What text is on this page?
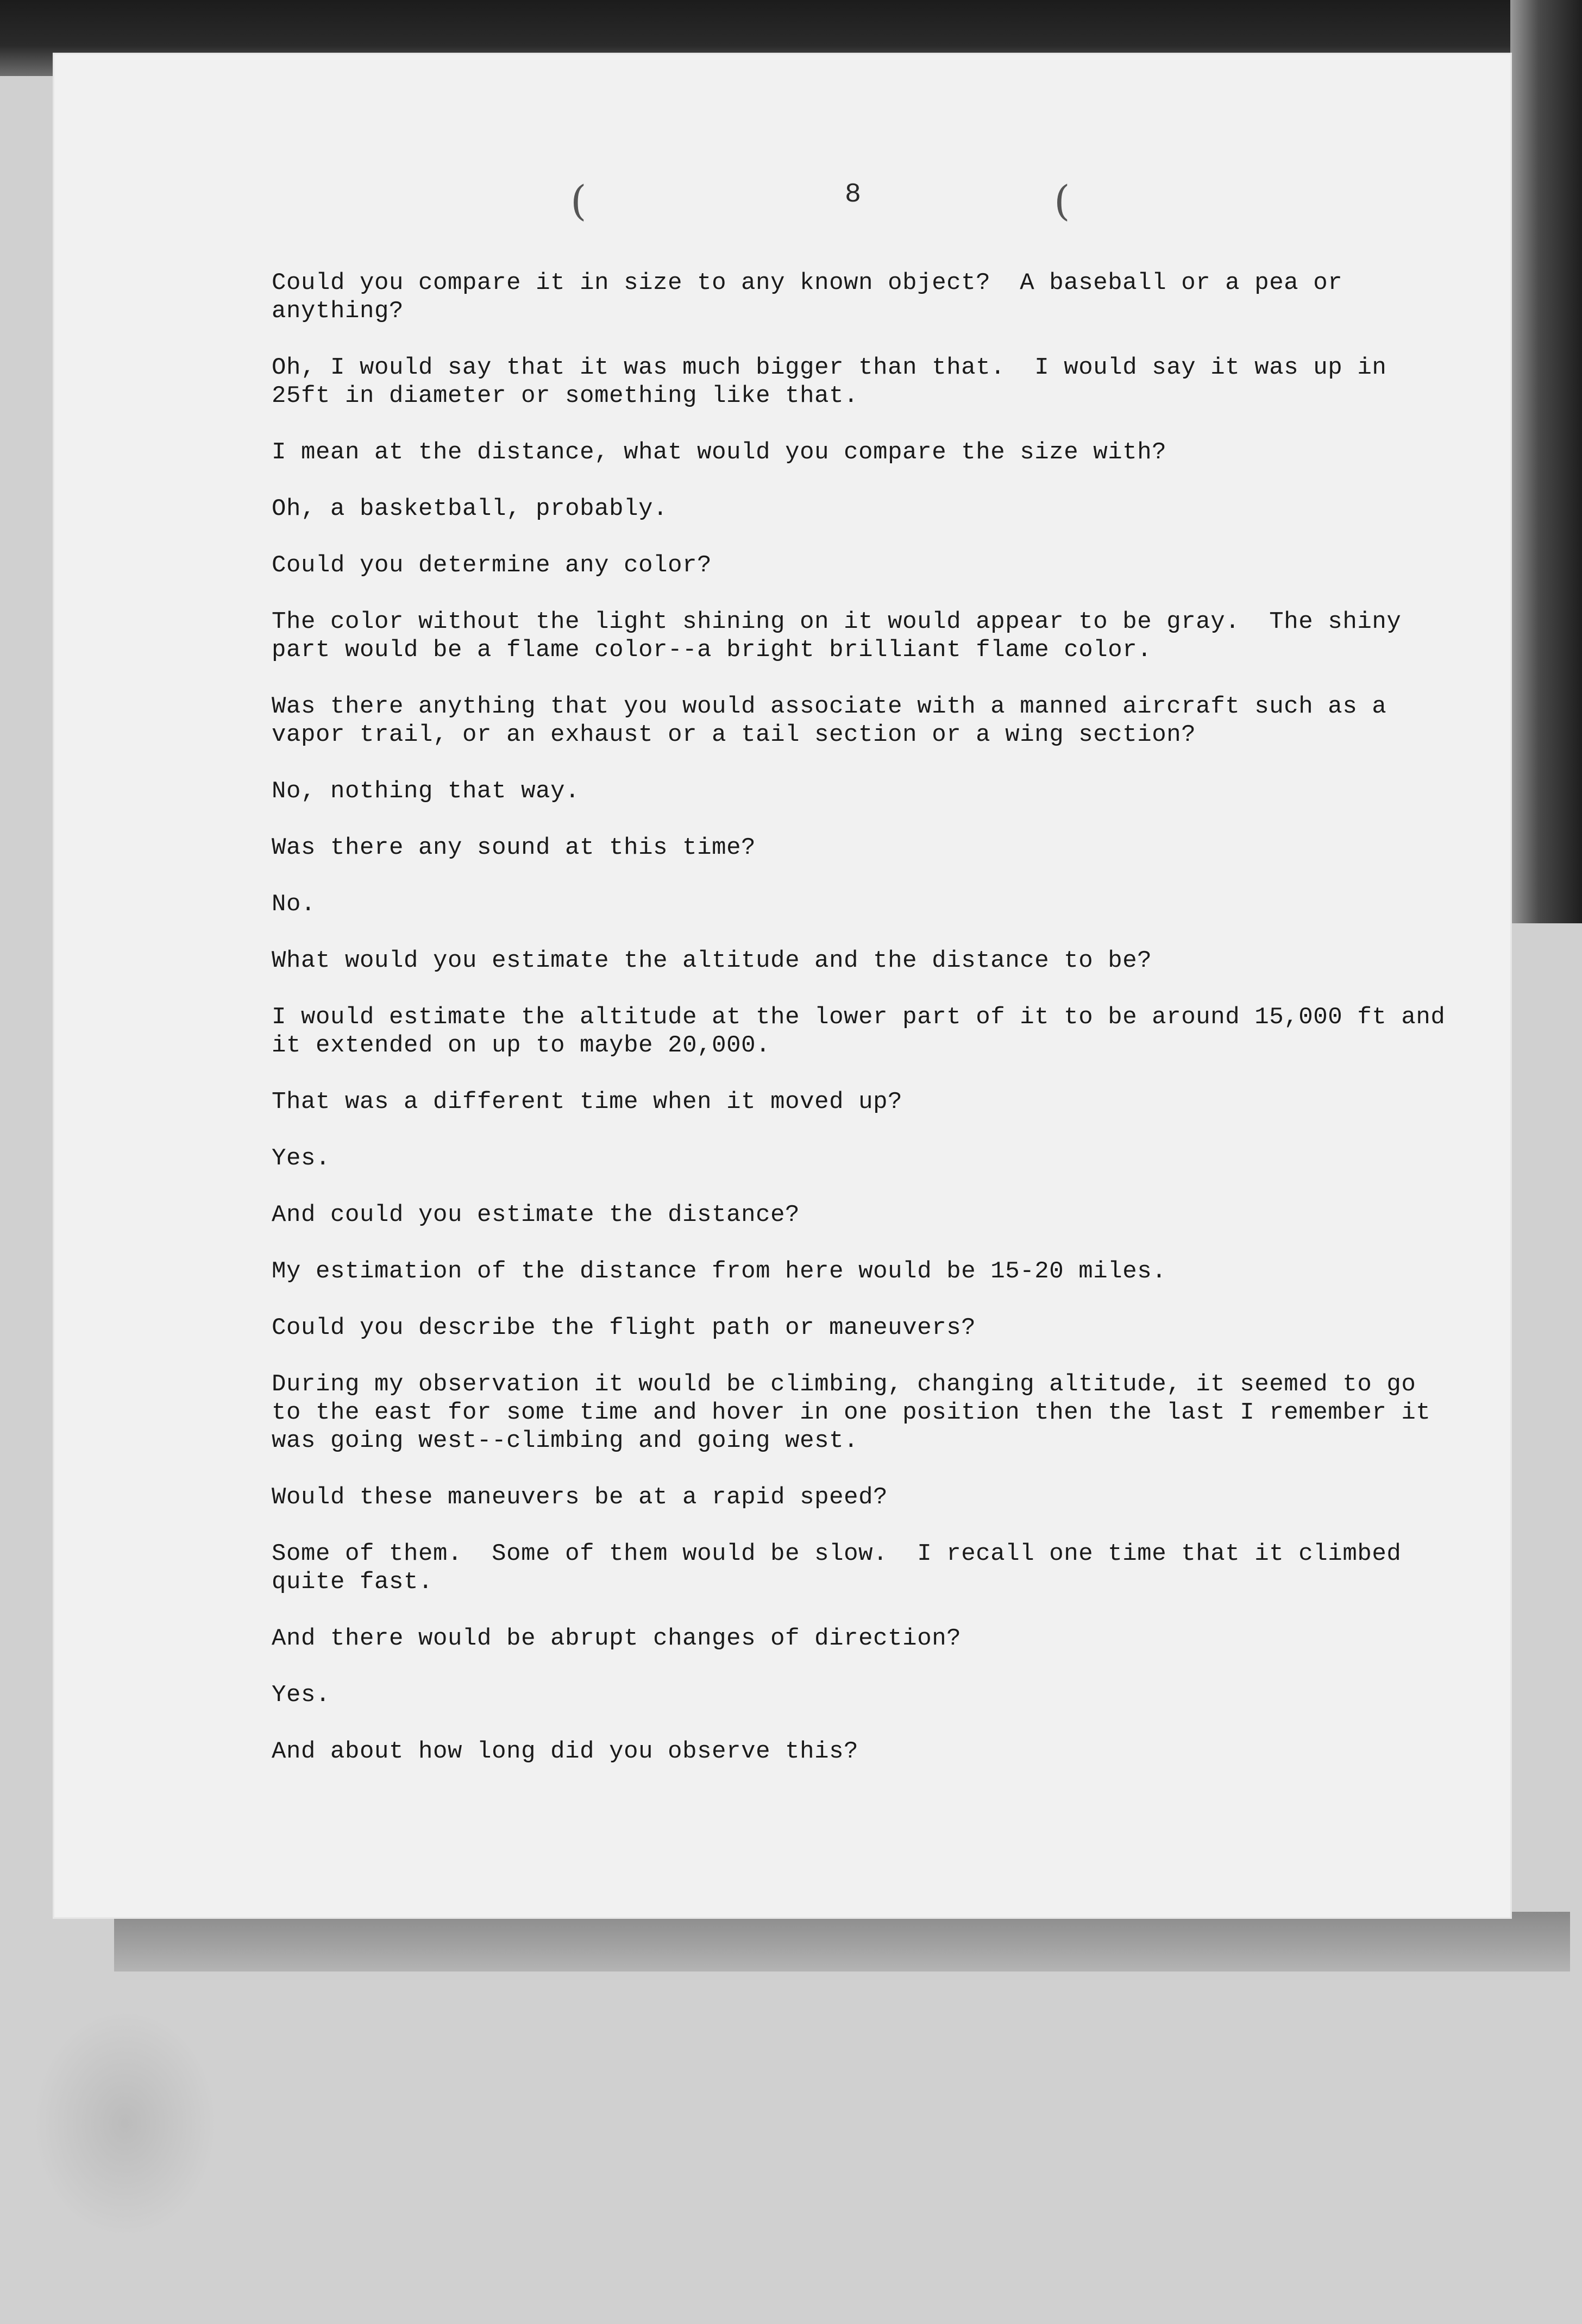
(	8	(
Could you compare it in size to any known object?  A baseball or a pea or
anything?
Oh, I would say that it was much bigger than that.  I would say it was up in
25ft in diameter or something like that.
I mean at the distance, what would you compare the size with?
Oh, a basketball, probably.
Could you determine any color?
The color without the light shining on it would appear to be gray.  The shiny
part would be a flame color--a bright brilliant flame color.
Was there anything that you would associate with a manned aircraft such as a
vapor trail, or an exhaust or a tail section or a wing section?
No, nothing that way.
Was there any sound at this time?
No.
What would you estimate the altitude and the distance to be?
I would estimate the altitude at the lower part of it to be around 15,000 ft and
it extended on up to maybe 20,000.
That was a different time when it moved up?
Yes.
And could you estimate the distance?
My estimation of the distance from here would be 15-20 miles.
Could you describe the flight path or maneuvers?
During my observation it would be climbing, changing altitude, it seemed to go
to the east for some time and hover in one position then the last I remember it
was going west--climbing and going west.
Would these maneuvers be at a rapid speed?
Some of them.  Some of them would be slow.  I recall one time that it climbed
quite fast.
And there would be abrupt changes of direction?
Yes.
And about how long did you observe this?
